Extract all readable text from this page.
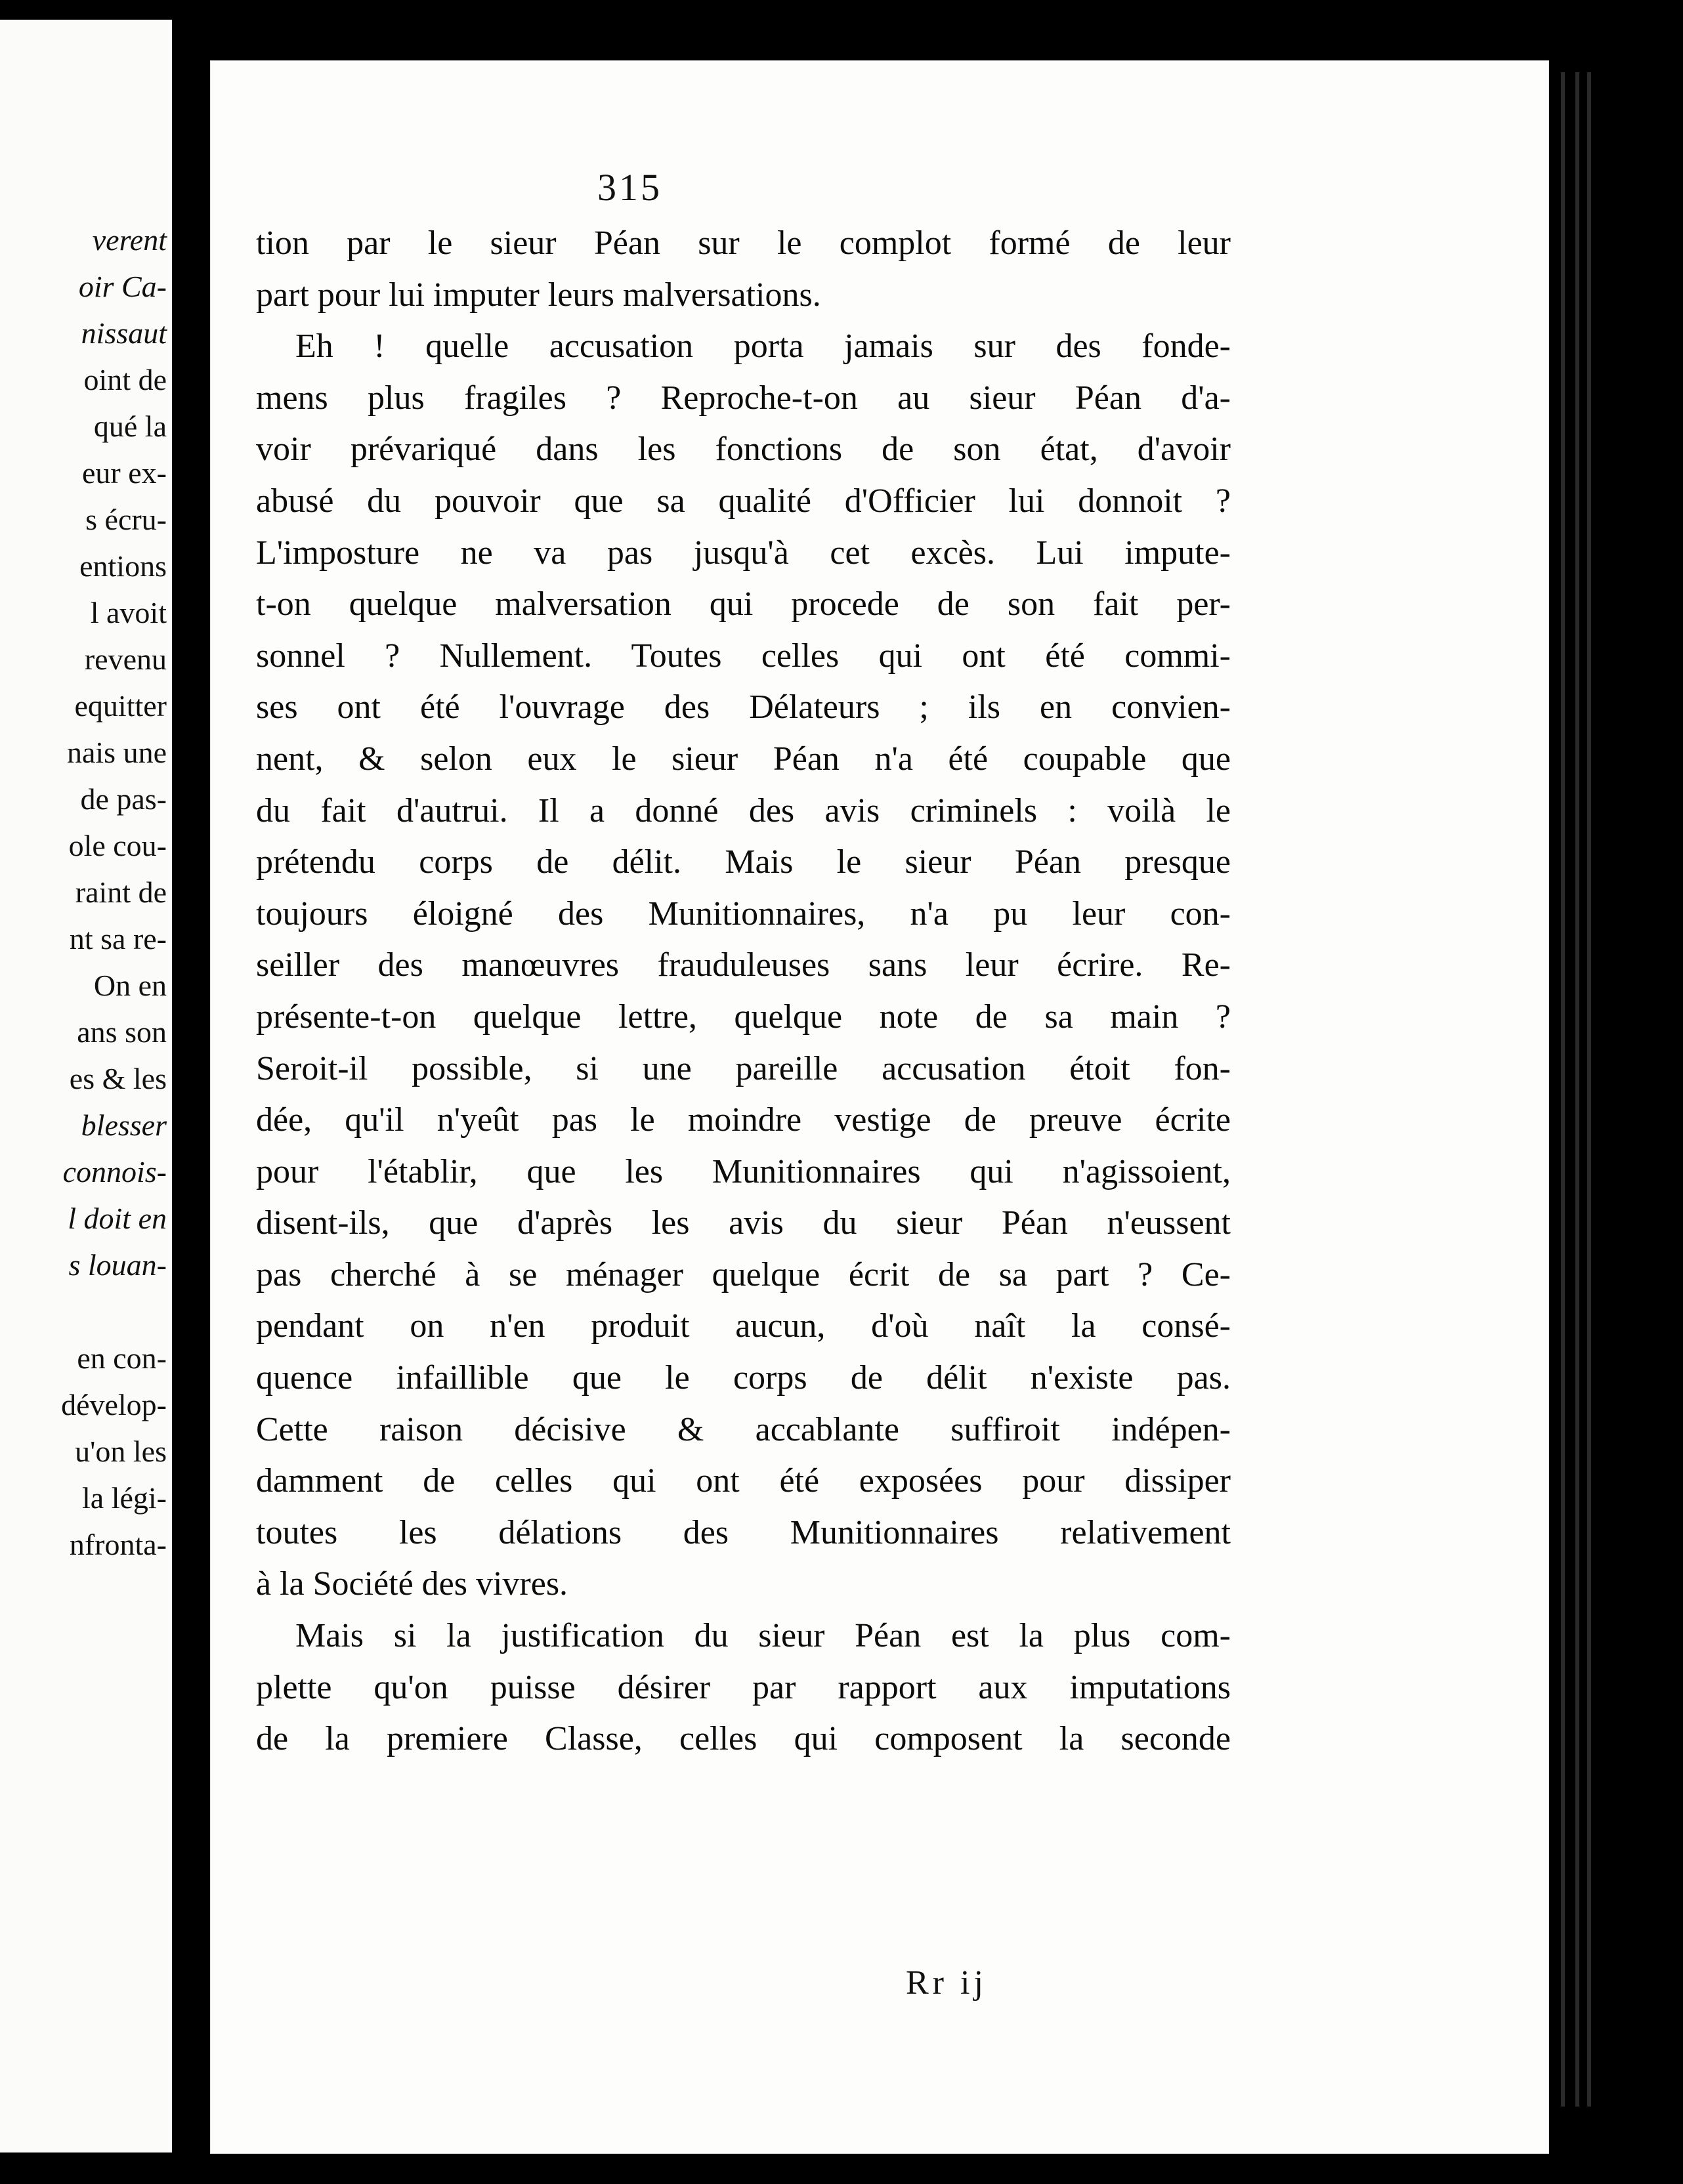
verent
oir Ca-
nissaut
oint de
qué la
eur ex-
s écru-
entions
l avoit
revenu
equitter
nais une
de pas-
ole cou-
raint de
nt sa re-
On en
ans son
es & les
blesser
connois-
l doit en
s louan-
en con-
dévelop-
u'on les
la légi-
nfronta-
315
tion par le sieur Péan sur le complot formé de leur
part pour lui imputer leurs malversations.
Eh ! quelle accusation porta jamais sur des fonde-
mens plus fragiles ? Reproche-t-on au sieur Péan d'a-
voir prévariqué dans les fonctions de son état, d'avoir
abusé du pouvoir que sa qualité d'Officier lui donnoit ?
L'imposture ne va pas jusqu'à cet excès. Lui impute-
t-on quelque malversation qui procede de son fait per-
sonnel ? Nullement. Toutes celles qui ont été commi-
ses ont été l'ouvrage des Délateurs ; ils en convien-
nent, & selon eux le sieur Péan n'a été coupable que
du fait d'autrui. Il a donné des avis criminels : voilà le
prétendu corps de délit. Mais le sieur Péan presque
toujours éloigné des Munitionnaires, n'a pu leur con-
seiller des manœuvres frauduleuses sans leur écrire. Re-
présente-t-on quelque lettre, quelque note de sa main ?
Seroit-il possible, si une pareille accusation étoit fon-
dée, qu'il n'yeût pas le moindre vestige de preuve écrite
pour l'établir, que les Munitionnaires qui n'agissoient,
disent-ils, que d'après les avis du sieur Péan n'eussent
pas cherché à se ménager quelque écrit de sa part ? Ce-
pendant on n'en produit aucun, d'où naît la consé-
quence infaillible que le corps de délit n'existe pas.
Cette raison décisive & accablante suffiroit indépen-
damment de celles qui ont été exposées pour dissiper
toutes les délations des Munitionnaires relativement
à la Société des vivres.
Mais si la justification du sieur Péan est la plus com-
plette qu'on puisse désirer par rapport aux imputations
de la premiere Classe, celles qui composent la seconde
Rr ij
